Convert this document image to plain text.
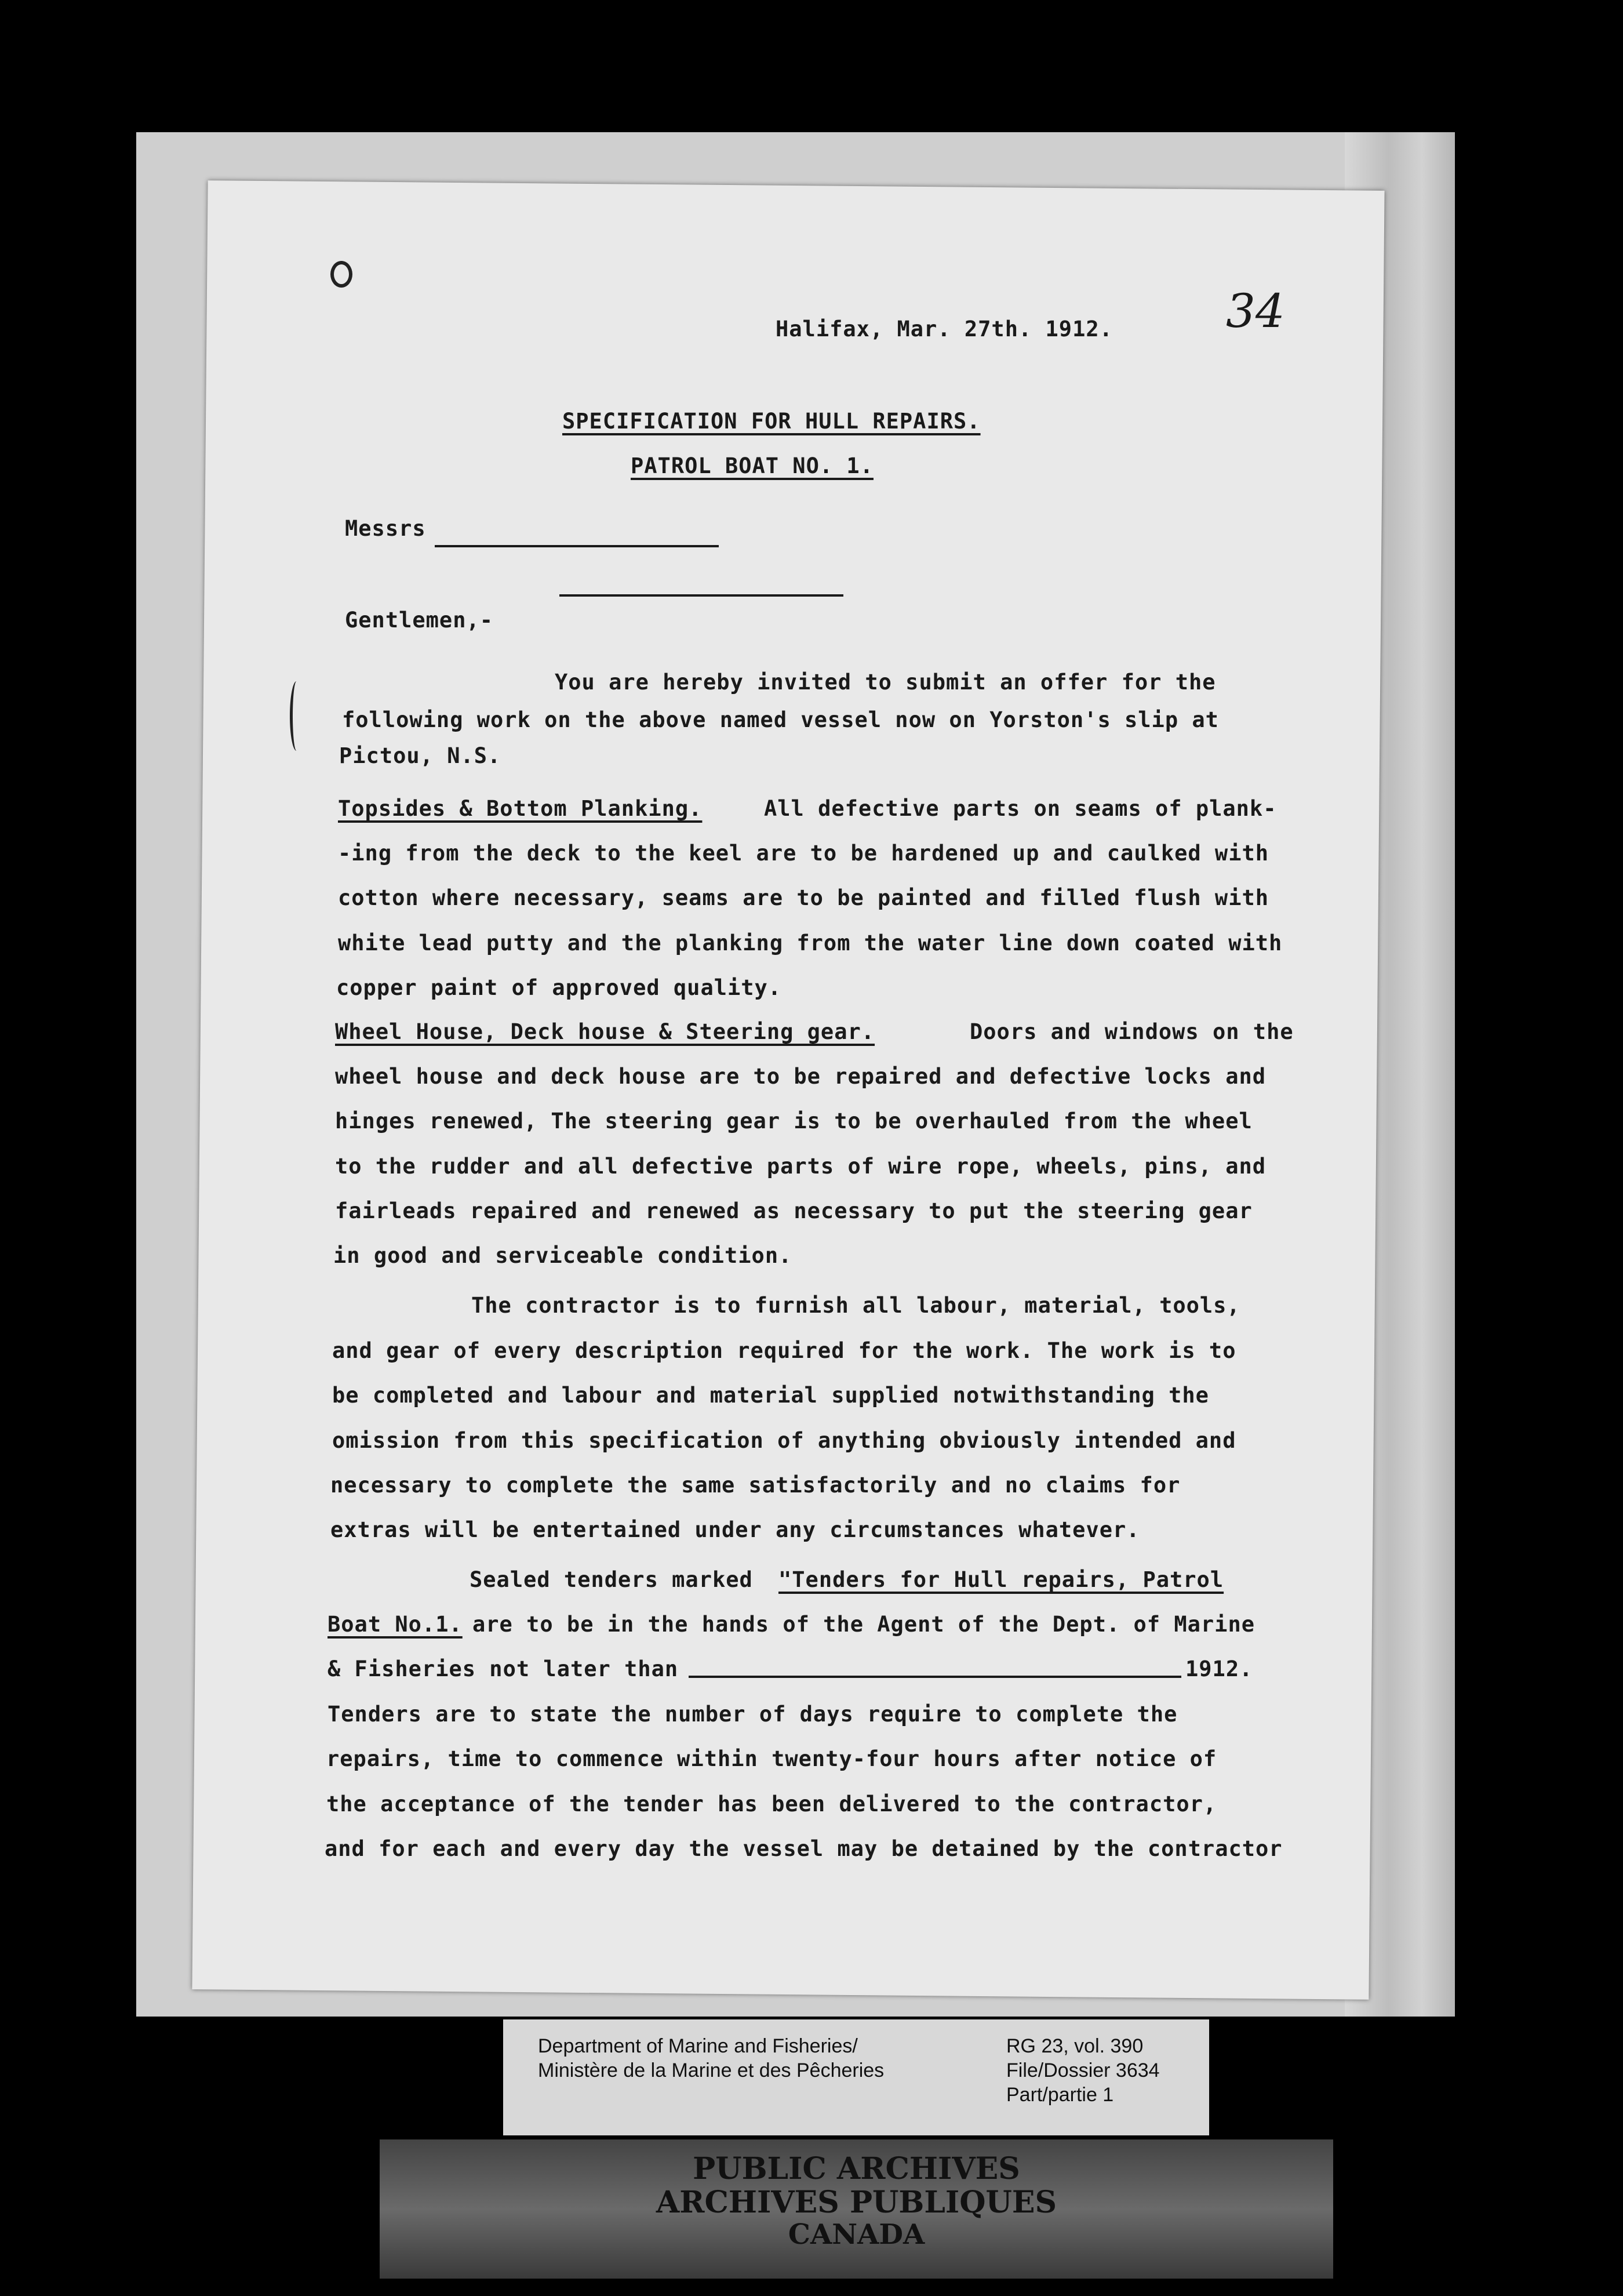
34
Halifax, Mar. 27th. 1912.
SPECIFICATION FOR HULL REPAIRS.
PATROL BOAT NO. 1.
Messrs
Gentlemen,-
You are hereby invited to submit an offer for the
following work on the above named vessel now on Yorston's slip at
Pictou, N.S.
Topsides & Bottom Planking.	All defective parts on seams of plank-
-ing from the deck to the keel are to be hardened up and caulked with
cotton where necessary, seams are to be painted and filled flush with
white lead putty and the planking from the water line down coated with
copper paint of approved quality.
Wheel House, Deck house & Steering gear.	Doors and windows on the
wheel house and deck house are to be repaired and defective locks and
hinges renewed, The steering gear is to be overhauled from the wheel
to the rudder and all defective parts of wire rope, wheels, pins, and
fairleads repaired and renewed as necessary to put the steering gear
in good and serviceable condition.
The contractor is to furnish all labour, material, tools,
and gear of every description required for the work. The work is to
be completed and labour and material supplied notwithstanding the
omission from this specification of anything obviously intended and
necessary to complete the same satisfactorily and no claims for
extras will be entertained under any circumstances whatever.
Sealed tenders marked "Tenders for Hull repairs, Patrol
Boat No.1. are to be in the hands of the Agent of the Dept. of Marine
& Fisheries not later than	1912.
Tenders are to state the number of days require to complete the
repairs, time to commence within twenty-four hours after notice of
the acceptance of the tender has been delivered to the contractor,
and for each and every day the vessel may be detained by the contractor
Department of Marine and Fisheries/
Ministère de la Marine et des Pêcheries
RG 23, vol. 390
File/Dossier 3634
Part/partie 1
PUBLIC ARCHIVES
ARCHIVES PUBLIQUES
CANADA
